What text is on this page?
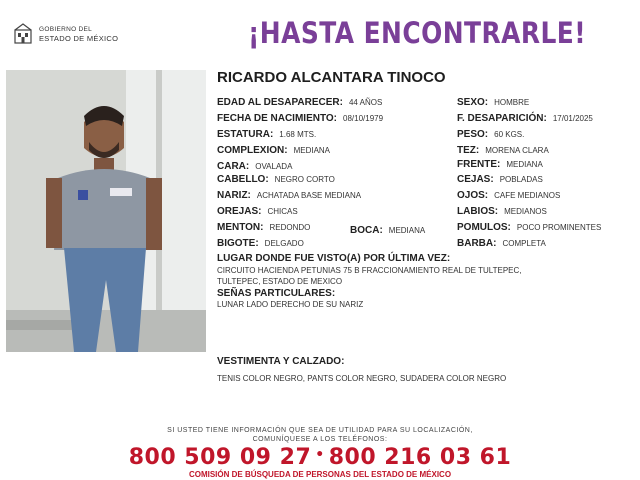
GOBIERNO DEL
ESTADO DE MÉXICO	¡HASTA ENCONTRARLE!
RICARDO ALCANTARA TINOCO
EDAD AL DESAPARECER: 44 AÑOS
FECHA DE NACIMIENTO: 08/10/1979
ESTATURA: 1.68 MTS.
COMPLEXION: MEDIANA
CARA: OVALADA
CABELLO: NEGRO CORTO
NARIZ: ACHATADA BASE MEDIANA
OREJAS: CHICAS
MENTON: REDONDO
BIGOTE: DELGADO
BOCA: MEDIANA
SEXO: HOMBRE
F. DESAPARICIÓN: 17/01/2025
PESO: 60 KGS.
TEZ: MORENA CLARA
FRENTE: MEDIANA
CEJAS: POBLADAS
OJOS: CAFE MEDIANOS
LABIOS: MEDIANOS
POMULOS: POCO PROMINENTES
BARBA: COMPLETA
LUGAR DONDE FUE VISTO(A) POR ÚLTIMA VEZ:
CIRCUITO HACIENDA PETUNIAS 75 B FRACCIONAMIENTO REAL DE TULTEPEC,
TULTEPEC, ESTADO DE MEXICO
SEÑAS PARTICULARES:
LUNAR LADO DERECHO DE SU NARIZ
VESTIMENTA Y CALZADO:
TENIS COLOR NEGRO, PANTS COLOR NEGRO, SUDADERA COLOR NEGRO
SI USTED TIENE INFORMACIÓN QUE SEA DE UTILIDAD PARA SU LOCALIZACIÓN,
COMUNÍQUESE A LOS TELÉFONOS:
800 509 09 27 • 800 216 03 61
COMISIÓN DE BÚSQUEDA DE PERSONAS DEL ESTADO DE MÉXICO
